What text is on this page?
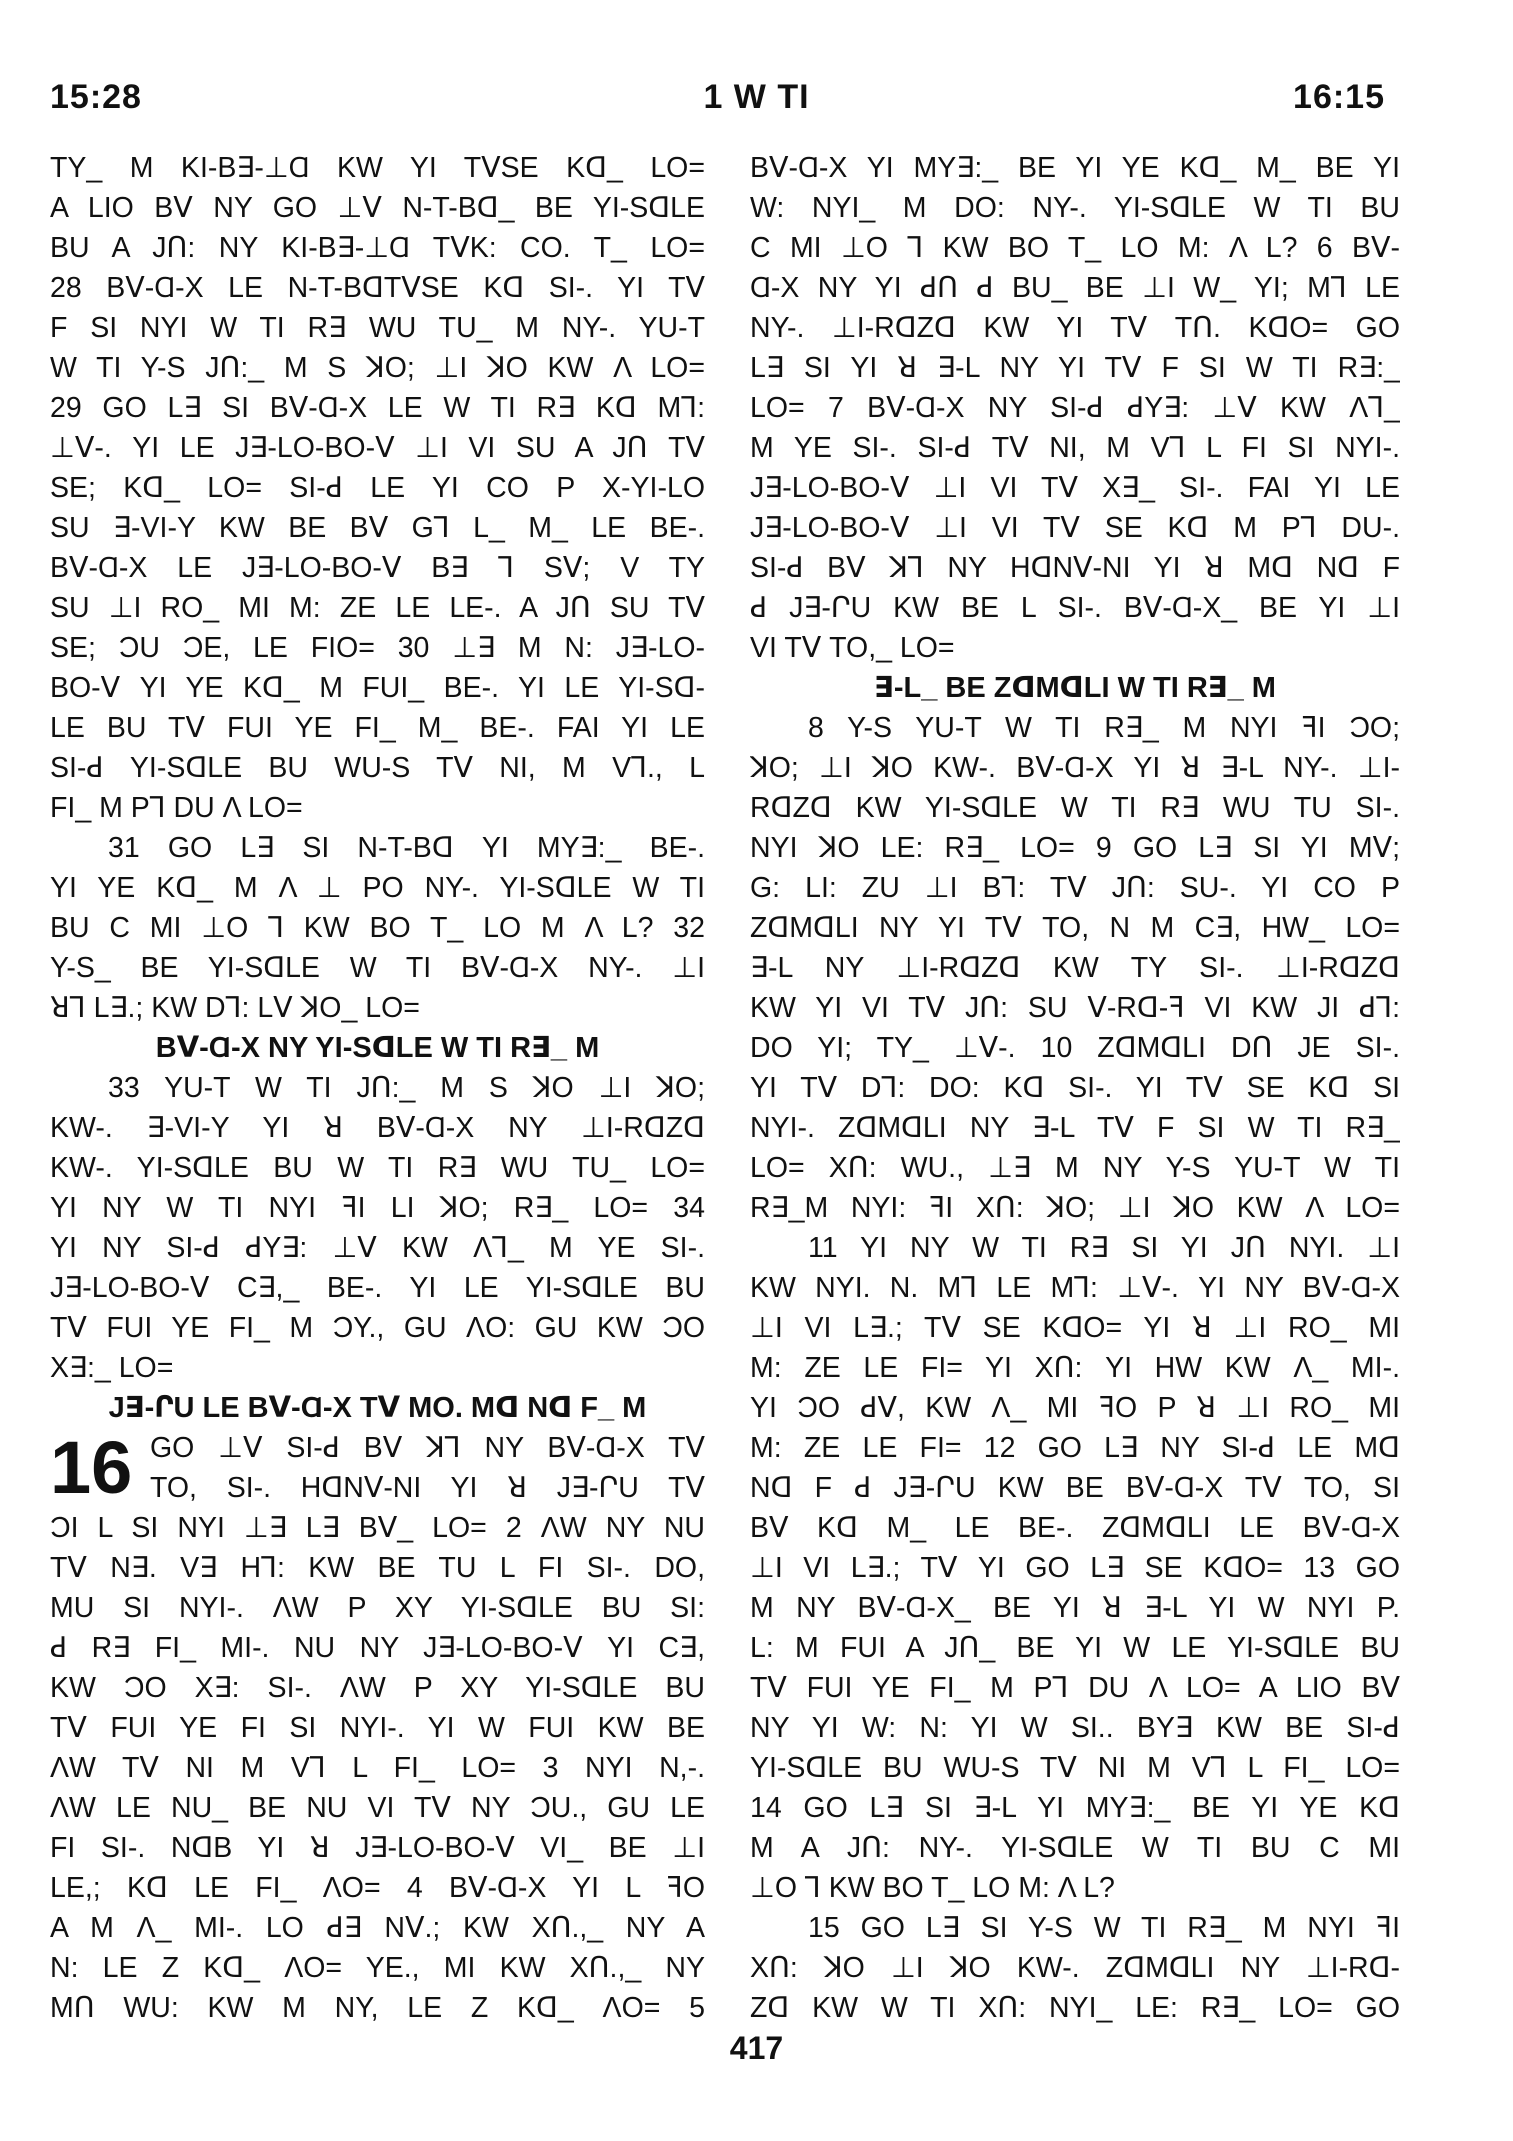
15:28	1 W TI	16:15
TY_ M KI-B∃-⊥Ɑ KW YI TᐯSE Kꓷ_ LO=
A LIO Bᐯ NY GO ⊥ᐯ N-T-Bꓷ_ BE YI-SꓷLE
BU A JՈ: NY KI-B∃-⊥Ɑ TᐯK: CO. T_ LO=
28 Bᐯ-Ɑ-X LE N-T-BꓷTᐯSE Kꓷ SI-. YI Tᐯ
F SI NYI W TI R∃ WU TU_ M NY-. YU-T
W TI Y-S JՈ:_ M S ꓘO; ⊥I ꓘO KW Λ LO=
29 GO L∃ SI Bᐯ-Ɑ-X LE W TI R∃ Kꓷ M⅂:
⊥ᐯ-. YI LE J∃-LO-BO-ᐯ ⊥I VI SU A JՈ Tᐯ
SE; Kꓷ_ LO= SI-ꓒ LE YI CO P X-YI-LO
SU ∃-VI-Y KW BE Bᐯ G⅂ L_ M_ LE BE-.
Bᐯ-Ɑ-X LE J∃-LO-BO-ᐯ B∃ ⅂ Sᐯ; V TY
SU ⊥I RO_ MI M: ZE LE LE-. A JՈ SU Tᐯ
SE; ƆU ƆE, LE FIO= 30 ⊥∃ M N: J∃-LO-
BO-ᐯ YI YE Kꓷ_ M FUI_ BE-. YI LE YI-Sꓷ-
LE BU Tᐯ FUI YE FI_ M_ BE-. FAI YI LE
SI-ꓒ YI-SꓷLE BU WU-S Tᐯ NI, M V⅂., L
FI_ M P⅂ DU Λ LO=
31 GO L∃ SI N-T-Bꓷ YI MY∃:_ BE-.
YI YE Kꓷ_ M Λ ⊥ PO NY-. YI-SꓷLE W TI
BU C MI ⊥O ⅂ KW BO T_ LO M Λ L? 32
Y-S_ BE YI-SꓷLE W TI Bᐯ-Ɑ-X NY-. ⊥I
ꓤ⅂ L∃.; KW D⅂: Lᐯ ꓘO_ LO=
Bᐯ-Ɑ-X NY YI-SꓷLE W TI R∃_ M
33 YU-T W TI JՈ:_ M S ꓘO ⊥I ꓘO;
KW-. ∃-VI-Y YI ꓤ Bᐯ-Ɑ-X NY ⊥I-RꓷZꓷ
KW-. YI-SꓷLE BU W TI R∃ WU TU_ LO=
YI NY W TI NYI ꟻI LI ꓘO; R∃_ LO= 34
YI NY SI-ꓒ ꓒY∃: ⊥ᐯ KW Λ⅂_ M YE SI-.
J∃-LO-BO-ᐯ C∃,_ BE-. YI LE YI-SꓷLE BU
Tᐯ FUI YE FI_ M ƆY., GU ΛO: GU KW ƆO
X∃:_ LO=
J∃-ՐU LE Bᐯ-Ɑ-X Tᐯ MO. Mꓷ Nꓷ F_ M
16 GO ⊥ᐯ SI-ꓒ Bᐯ ꓘ⅂ NY Bᐯ-Ɑ-X Tᐯ
TO, SI-. HꓷNᐯ-NI YI ꓤ J∃-ՐU Tᐯ
ƆI L SI NYI ⊥∃ L∃ Bᐯ_ LO= 2 ΛW NY NU
Tᐯ N∃. V∃ H⅂: KW BE TU L FI SI-. DO,
MU SI NYI-. ΛW P XY YI-SꓷLE BU SI:
ꓒ R∃ FI_ MI-. NU NY J∃-LO-BO-ᐯ YI C∃,
KW ƆO X∃: SI-. ΛW P XY YI-SꓷLE BU
Tᐯ FUI YE FI SI NYI-. YI W FUI KW BE
ΛW Tᐯ NI M V⅂ L FI_ LO= 3 NYI N,-.
ΛW LE NU_ BE NU VI Tᐯ NY ƆU., GU LE
FI SI-. NꓷB YI ꓤ J∃-LO-BO-ᐯ VI_ BE ⊥I
LE,; Kꓷ LE FI_ ΛO= 4 Bᐯ-Ɑ-X YI L ꟻO
A M Λ_ MI-. LO ꓒ∃ Nᐯ.; KW XՈ.,_ NY A
N: LE Z Kꓷ_ ΛO= YE., MI KW XՈ.,_ NY
MՈ WU: KW M NY, LE Z Kꓷ_ ΛO= 5
Bᐯ-Ɑ-X YI MY∃:_ BE YI YE Kꓷ_ M_ BE YI
W: NYI_ M DO: NY-. YI-SꓷLE W TI BU
C MI ⊥O ⅂ KW BO T_ LO M: Λ L? 6 Bᐯ-
Ɑ-X NY YI ꓒՈ ꓒ BU_ BE ⊥I W_ YI; M⅂ LE
NY-. ⊥I-RꓷZꓷ KW YI Tᐯ TՈ. KꓷO= GO
L∃ SI YI ꓤ ∃-L NY YI Tᐯ F SI W TI R∃:_
LO= 7 Bᐯ-Ɑ-X NY SI-ꓒ ꓒY∃: ⊥ᐯ KW Λ⅂_
M YE SI-. SI-ꓒ Tᐯ NI, M V⅂ L FI SI NYI-.
J∃-LO-BO-ᐯ ⊥I VI Tᐯ X∃_ SI-. FAI YI LE
J∃-LO-BO-ᐯ ⊥I VI Tᐯ SE Kꓷ M P⅂ DU-.
SI-ꓒ Bᐯ ꓘ⅂ NY HꓷNᐯ-NI YI ꓤ Mꓷ Nꓷ F
ꓒ J∃-ՐU KW BE L SI-. Bᐯ-Ɑ-X_ BE YI ⊥I
VI Tᐯ TO,_ LO=
∃-L_ BE ZꓷMꓷLI W TI R∃_ M
8 Y-S YU-T W TI R∃_ M NYI ꟻI ƆO;
ꓘO; ⊥I ꓘO KW-. Bᐯ-Ɑ-X YI ꓤ ∃-L NY-. ⊥I-
RꓷZꓷ KW YI-SꓷLE W TI R∃ WU TU SI-.
NYI ꓘO LE: R∃_ LO= 9 GO L∃ SI YI Mᐯ;
G: LI: ZU ⊥I B⅂: Tᐯ JՈ: SU-. YI CO P
ZꓷMꓷLI NY YI Tᐯ TO, N M C∃, HW_ LO=
∃-L NY ⊥I-RꓷZꓷ KW TY SI-. ⊥I-RꓷZꓷ
KW YI VI Tᐯ JՈ: SU ᐯ-Rꓷ-ꟻ VI KW JI ꓒ⅂:
DO YI; TY_ ⊥ᐯ-. 10 ZꓷMꓷLI DՈ JE SI-.
YI Tᐯ D⅂: DO: Kꓷ SI-. YI Tᐯ SE Kꓷ SI
NYI-. ZꓷMꓷLI NY ∃-L Tᐯ F SI W TI R∃_
LO= XՈ: WU., ⊥∃ M NY Y-S YU-T W TI
R∃_M NYI: ꟻI XՈ: ꓘO; ⊥I ꓘO KW Λ LO=
11 YI NY W TI R∃ SI YI JՈ NYI. ⊥I
KW NYI. N. M⅂ LE M⅂: ⊥ᐯ-. YI NY Bᐯ-Ɑ-X
⊥I VI L∃.; Tᐯ SE KꓷO= YI ꓤ ⊥I RO_ MI
M: ZE LE FI= YI XՈ: YI HW KW Λ_ MI-.
YI ƆO ꓒᐯ, KW Λ_ MI ꟻO P ꓤ ⊥I RO_ MI
M: ZE LE FI= 12 GO L∃ NY SI-ꓒ LE Mꓷ
Nꓷ F ꓒ J∃-ՐU KW BE Bᐯ-Ɑ-X Tᐯ TO, SI
Bᐯ Kꓷ M_ LE BE-. ZꓷMꓷLI LE Bᐯ-Ɑ-X
⊥I VI L∃.; Tᐯ YI GO L∃ SE KꓷO= 13 GO
M NY Bᐯ-Ɑ-X_ BE YI ꓤ ∃-L YI W NYI P.
L: M FUI A JՈ_ BE YI W LE YI-SꓷLE BU
Tᐯ FUI YE FI_ M P⅂ DU Λ LO= A LIO Bᐯ
NY YI W: N: YI W SI.. BY∃ KW BE SI-ꓒ
YI-SꓷLE BU WU-S Tᐯ NI M V⅂ L FI_ LO=
14 GO L∃ SI ∃-L YI MY∃:_ BE YI YE Kꓷ
M A JՈ: NY-. YI-SꓷLE W TI BU C MI
⊥O ⅂ KW BO T_ LO M: Λ L?
15 GO L∃ SI Y-S W TI R∃_ M NYI ꟻI
XՈ: ꓘO ⊥I ꓘO KW-. ZꓷMꓷLI NY ⊥I-Rꓷ-
Zꓷ KW W TI XՈ: NYI_ LE: R∃_ LO= GO
417
